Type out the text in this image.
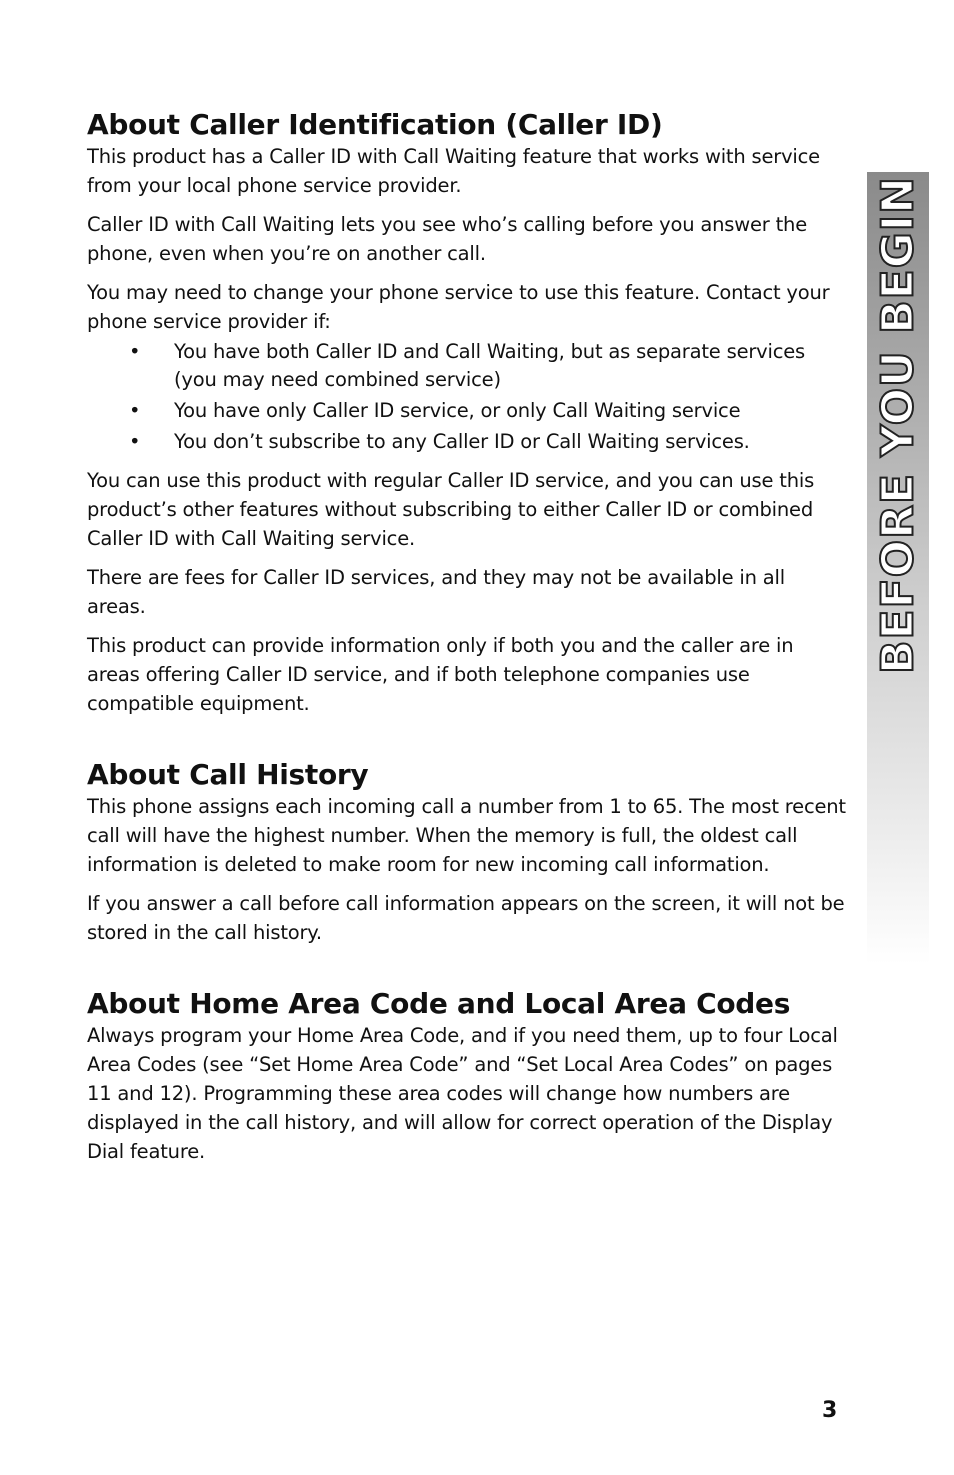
About Caller Identification (Caller ID)

This product has a Caller ID with Call Waiting feature that works with service from your local phone service provider.

Caller ID with Call Waiting lets you see who’s calling before you answer the phone, even when you’re on another call.

You may need to change your phone service to use this feature. Contact your phone service provider if:

• You have both Caller ID and Call Waiting, but as separate services (you may need combined service)
• You have only Caller ID service, or only Call Waiting service
• You don’t subscribe to any Caller ID or Call Waiting services.

You can use this product with regular Caller ID service, and you can use this product’s other features without subscribing to either Caller ID or combined Caller ID with Call Waiting service.

There are fees for Caller ID services, and they may not be available in all areas.

This product can provide information only if both you and the caller are in areas offering Caller ID service, and if both telephone companies use compatible equipment.

About Call History

This phone assigns each incoming call a number from 1 to 65. The most recent call will have the highest number. When the memory is full, the oldest call information is deleted to make room for new incoming call information.

If you answer a call before call information appears on the screen, it will not be stored in the call history.

About Home Area Code and Local Area Codes

Always program your Home Area Code, and if you need them, up to four Local Area Codes (see “Set Home Area Code” and “Set Local Area Codes” on pages 11 and 12). Programming these area codes will change how numbers are displayed in the call history, and will allow for correct operation of the Display Dial feature.

BEFORE YOU BEGIN
3
